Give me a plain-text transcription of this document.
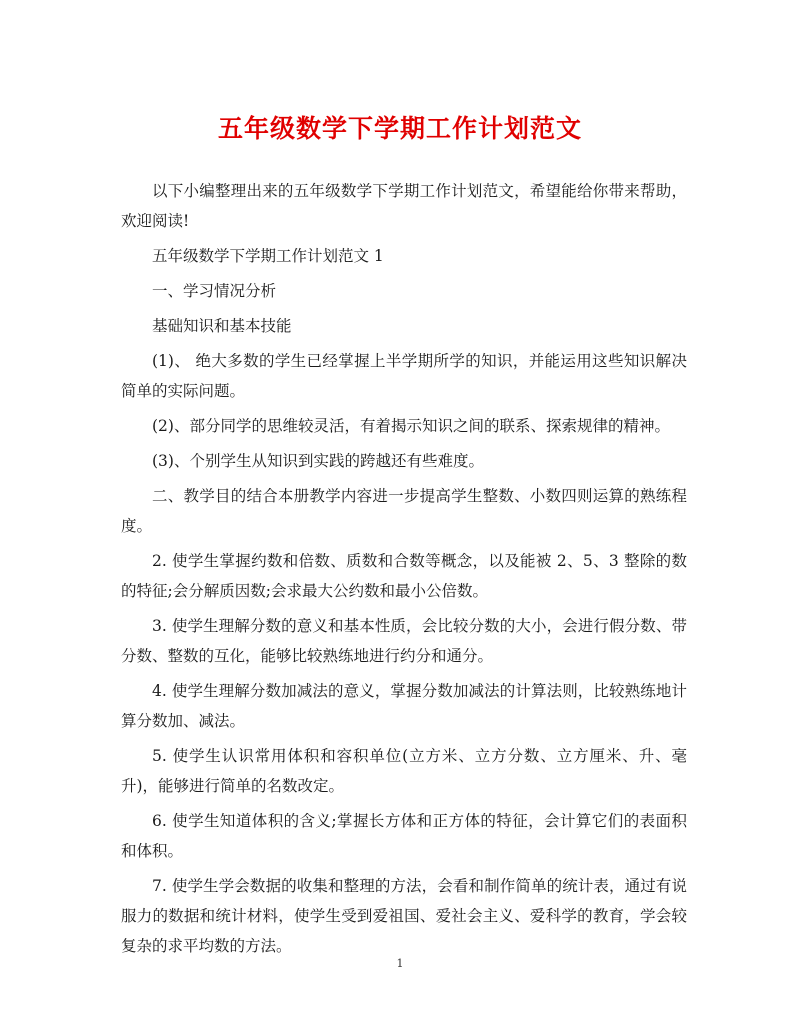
五年级数学下学期工作计划范文

以下小编整理出来的五年级数学下学期工作计划范文，希望能给你带来帮助，欢迎阅读!

五年级数学下学期工作计划范文 1

一、学习情况分析

基础知识和基本技能

(1)、 绝大多数的学生已经掌握上半学期所学的知识，并能运用这些知识解决简单的实际问题。

(2)、部分同学的思维较灵活，有着揭示知识之间的联系、探索规律的精神。

(3)、个别学生从知识到实践的跨越还有些难度。

二、教学目的结合本册教学内容进一步提高学生整数、小数四则运算的熟练程度。

2. 使学生掌握约数和倍数、质数和合数等概念，以及能被 2、5、3 整除的数的特征;会分解质因数;会求最大公约数和最小公倍数。

3. 使学生理解分数的意义和基本性质，会比较分数的大小，会进行假分数、带分数、整数的互化，能够比较熟练地进行约分和通分。

4. 使学生理解分数加减法的意义，掌握分数加减法的计算法则，比较熟练地计算分数加、减法。

5. 使学生认识常用体积和容积单位(立方米、立方分数、立方厘米、升、毫升)，能够进行简单的名数改定。

6. 使学生知道体积的含义;掌握长方体和正方体的特征，会计算它们的表面积和体积。

7. 使学生学会数据的收集和整理的方法，会看和制作简单的统计表，通过有说服力的数据和统计材料，使学生受到爱祖国、爱社会主义、爱科学的教育，学会较复杂的求平均数的方法。

1
